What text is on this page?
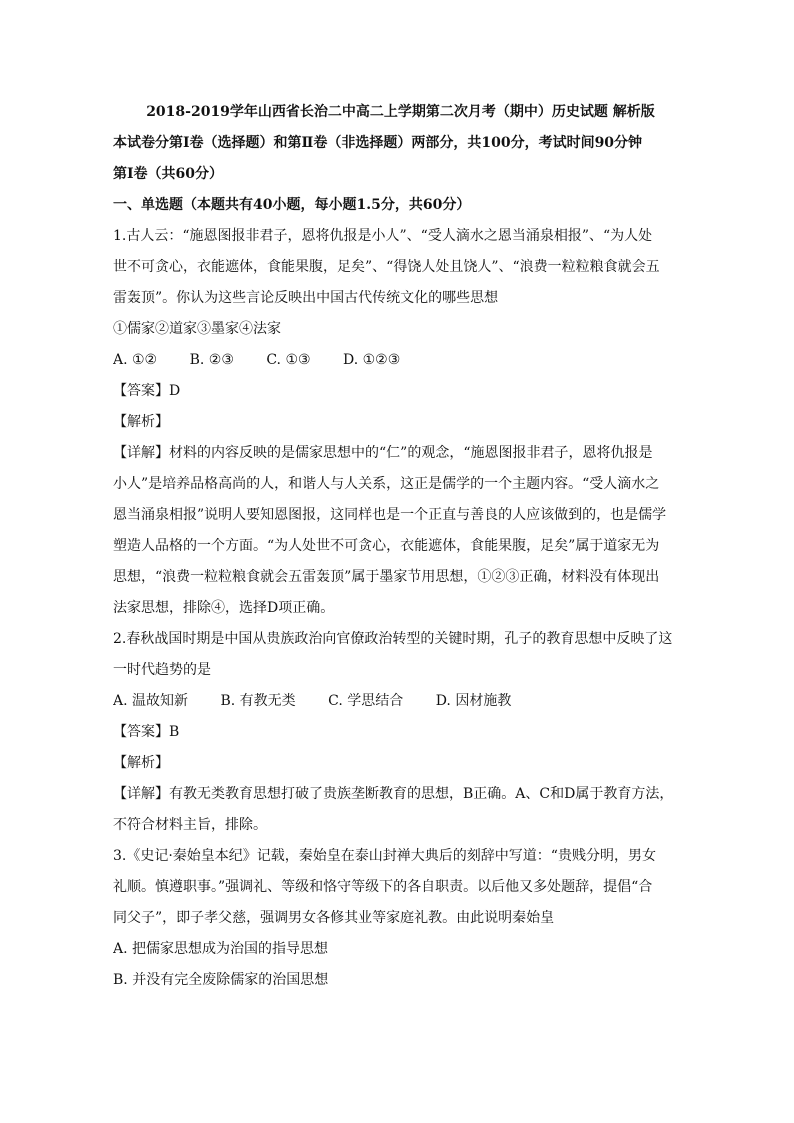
2018-2019学年山西省长治二中高二上学期第二次月考（期中）历史试题 解析版
本试卷分第Ⅰ卷（选择题）和第Ⅱ卷（非选择题）两部分，共100分，考试时间90分钟
第Ⅰ卷（共60分）
一、单选题（本题共有40小题，每小题1.5分，共60分）
1.古人云：“施恩图报非君子，恩将仇报是小人”、“受人滴水之恩当涌泉相报”、“为人处
世不可贪心，衣能遮体，食能果腹，足矣”、“得饶人处且饶人”、“浪费一粒粒粮食就会五
雷轰顶”。你认为这些言论反映出中国古代传统文化的哪些思想
①儒家②道家③墨家④法家
A. ①② B. ②③ C. ①③ D. ①②③
【答案】D
【解析】
【详解】材料的内容反映的是儒家思想中的“仁”的观念，“施恩图报非君子，恩将仇报是
小人”是培养品格高尚的人，和谐人与人关系，这正是儒学的一个主题内容。“受人滴水之
恩当涌泉相报”说明人要知恩图报，这同样也是一个正直与善良的人应该做到的，也是儒学
塑造人品格的一个方面。“为人处世不可贪心，衣能遮体，食能果腹，足矣”属于道家无为
思想，“浪费一粒粒粮食就会五雷轰顶”属于墨家节用思想，①②③正确，材料没有体现出
法家思想，排除④，选择D项正确。
2.春秋战国时期是中国从贵族政治向官僚政治转型的关键时期，孔子的教育思想中反映了这
一时代趋势的是
A. 温故知新 B. 有教无类 C. 学思结合 D. 因材施教
【答案】B
【解析】
【详解】有教无类教育思想打破了贵族垄断教育的思想，B正确。A、C和D属于教育方法，
不符合材料主旨，排除。
3.《史记·秦始皇本纪》记载，秦始皇在泰山封禅大典后的刻辞中写道：“贵贱分明，男女
礼顺。慎遵职事。”强调礼、等级和恪守等级下的各自职责。以后他又多处题辞，提倡“合
同父子”，即子孝父慈，强调男女各修其业等家庭礼教。由此说明秦始皇
A. 把儒家思想成为治国的指导思想
B. 并没有完全废除儒家的治国思想
